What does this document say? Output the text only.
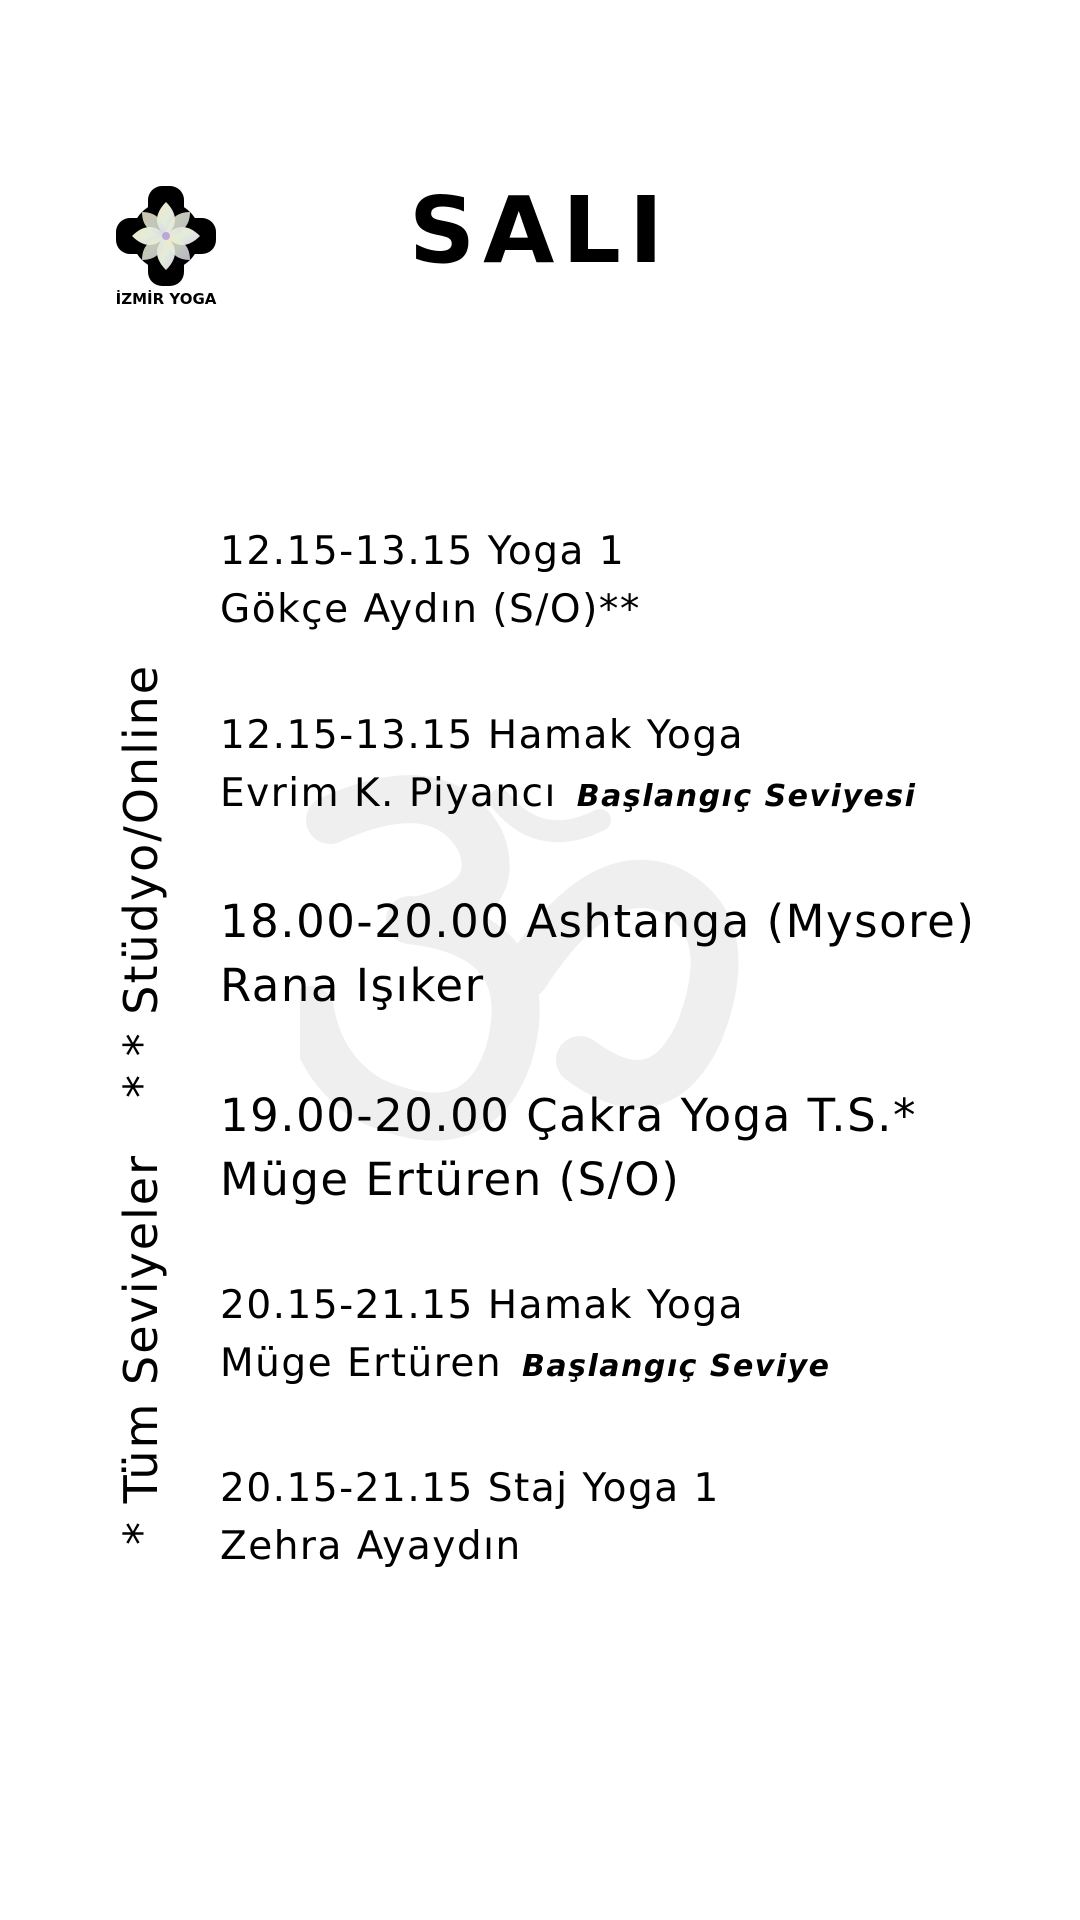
İZMİR YOGA
SALI
* Tüm Seviyeler* * Stüdyo/Online
12.15-13.15 Yoga 1
Gökçe Aydın (S/O)**
12.15-13.15 Hamak Yoga
Evrim K. Piyancı Başlangıç Seviyesi
18.00-20.00 Ashtanga (Mysore)
Rana Işıker
19.00-20.00 Çakra Yoga T.S.*
Müge Ertüren (S/O)
20.15-21.15 Hamak Yoga
Müge Ertüren Başlangıç Seviye
20.15-21.15 Staj Yoga 1
Zehra Ayaydın
